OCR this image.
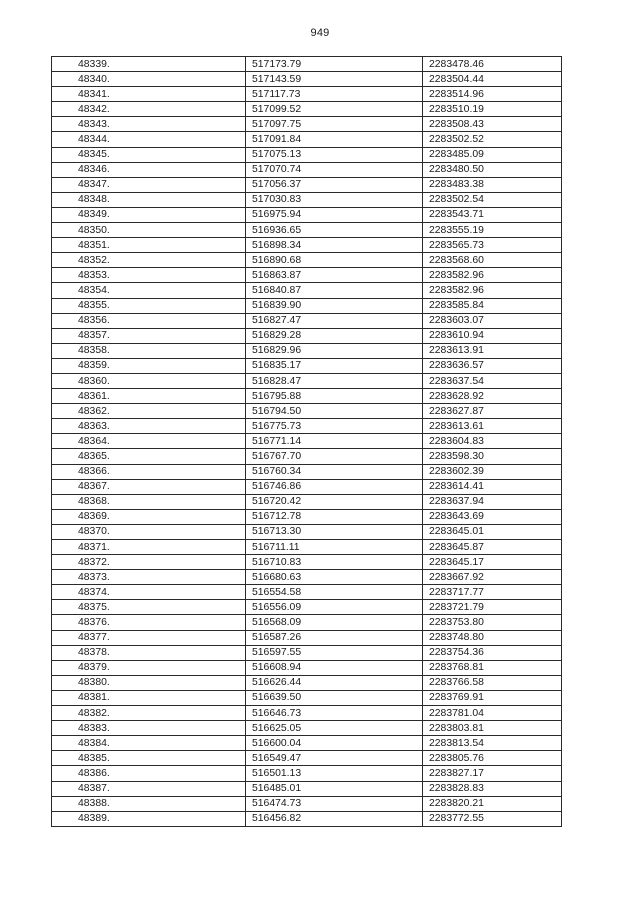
949
48339.	517173.79	2283478.46
48340.	517143.59	2283504.44
48341.	517117.73	2283514.96
48342.	517099.52	2283510.19
48343.	517097.75	2283508.43
48344.	517091.84	2283502.52
48345.	517075.13	2283485.09
48346.	517070.74	2283480.50
48347.	517056.37	2283483.38
48348.	517030.83	2283502.54
48349.	516975.94	2283543.71
48350.	516936.65	2283555.19
48351.	516898.34	2283565.73
48352.	516890.68	2283568.60
48353.	516863.87	2283582.96
48354.	516840.87	2283582.96
48355.	516839.90	2283585.84
48356.	516827.47	2283603.07
48357.	516829.28	2283610.94
48358.	516829.96	2283613.91
48359.	516835.17	2283636.57
48360.	516828.47	2283637.54
48361.	516795.88	2283628.92
48362.	516794.50	2283627.87
48363.	516775.73	2283613.61
48364.	516771.14	2283604.83
48365.	516767.70	2283598.30
48366.	516760.34	2283602.39
48367.	516746.86	2283614.41
48368.	516720.42	2283637.94
48369.	516712.78	2283643.69
48370.	516713.30	2283645.01
48371.	516711.11	2283645.87
48372.	516710.83	2283645.17
48373.	516680.63	2283667.92
48374.	516554.58	2283717.77
48375.	516556.09	2283721.79
48376.	516568.09	2283753.80
48377.	516587.26	2283748.80
48378.	516597.55	2283754.36
48379.	516608.94	2283768.81
48380.	516626.44	2283766.58
48381.	516639.50	2283769.91
48382.	516646.73	2283781.04
48383.	516625.05	2283803.81
48384.	516600.04	2283813.54
48385.	516549.47	2283805.76
48386.	516501.13	2283827.17
48387.	516485.01	2283828.83
48388.	516474.73	2283820.21
48389.	516456.82	2283772.55
